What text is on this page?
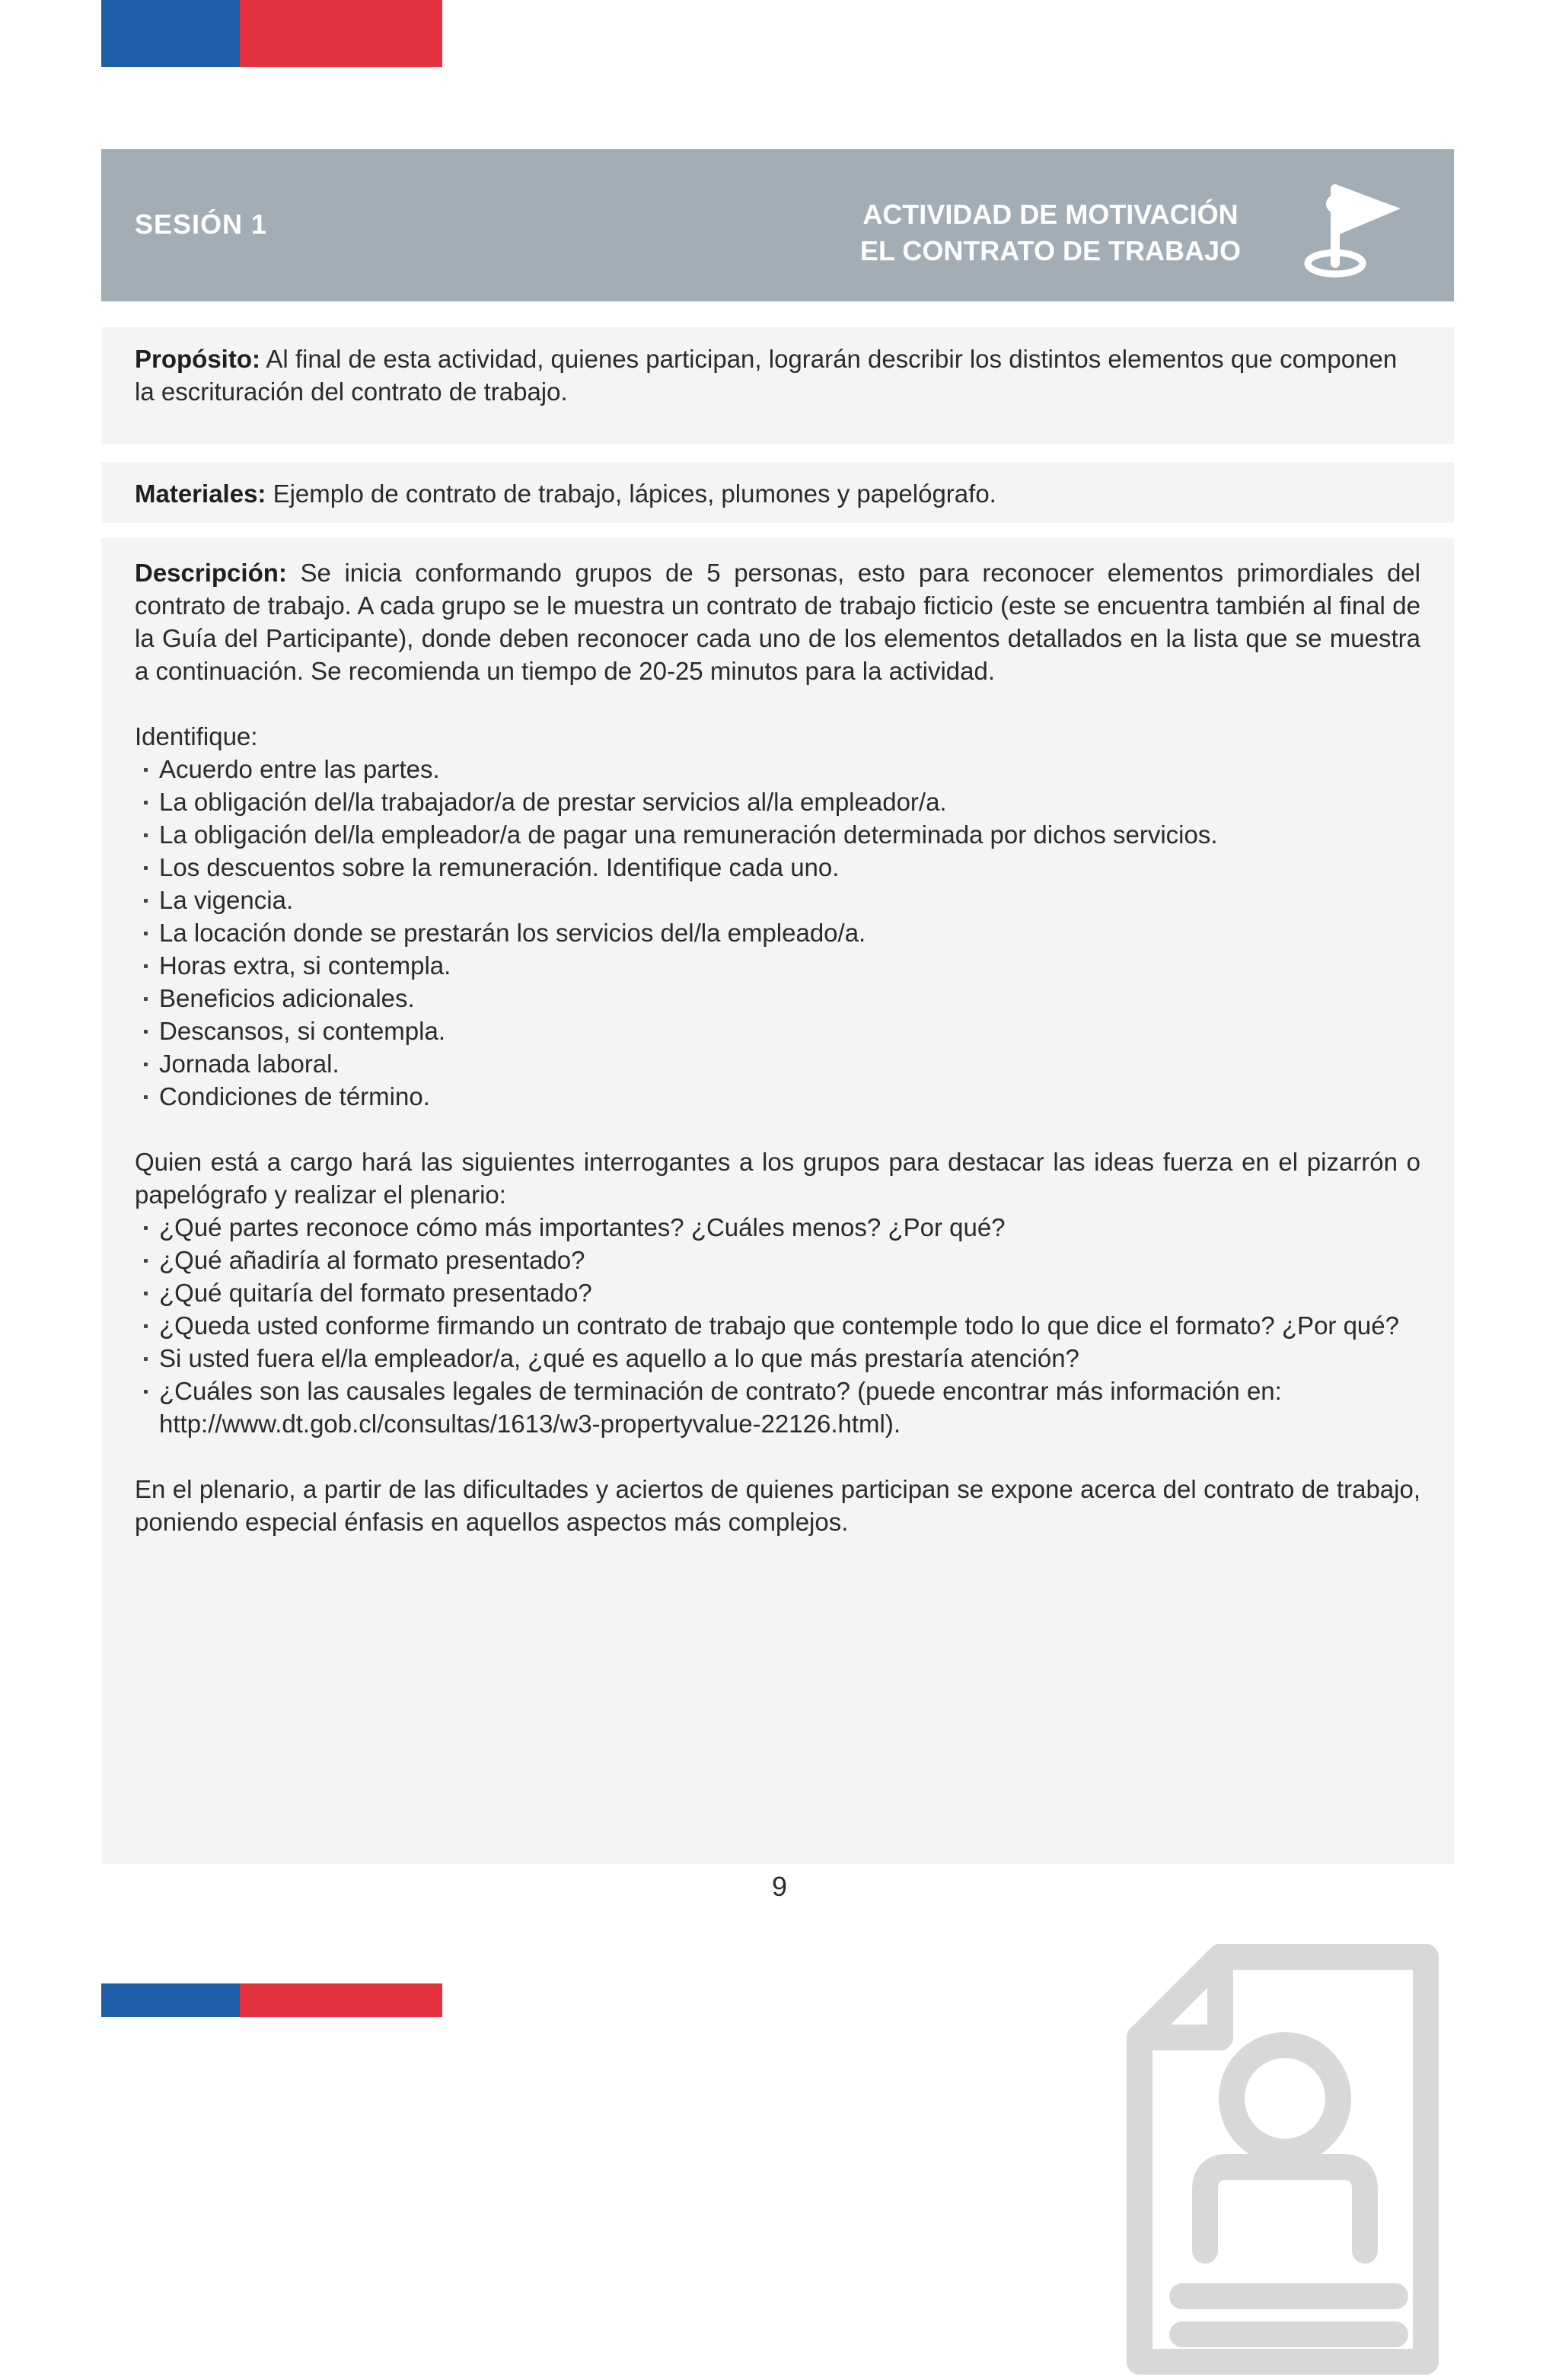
SESIÓN 1	ACTIVIDAD DE MOTIVACIÓN
EL CONTRATO DE TRABAJO

Propósito: Al final de esta actividad, quienes participan, lograrán describir los distintos elementos que componen la escrituración del contrato de trabajo.

Materiales: Ejemplo de contrato de trabajo, lápices, plumones y papelógrafo.

Descripción: Se inicia conformando grupos de 5 personas, esto para reconocer elementos primordiales del contrato de trabajo. A cada grupo se le muestra un contrato de trabajo ficticio (este se encuentra también al final de la Guía del Participante), donde deben reconocer cada uno de los elementos detallados en la lista que se muestra a continuación. Se recomienda un tiempo de 20-25 minutos para la actividad.

Identifique:

Acuerdo entre las partes.
La obligación del/la trabajador/a de prestar servicios al/la empleador/a.
La obligación del/la empleador/a de pagar una remuneración determinada por dichos servicios.
Los descuentos sobre la remuneración. Identifique cada uno.
La vigencia.
La locación donde se prestarán los servicios del/la empleado/a.
Horas extra, si contempla.
Beneficios adicionales.
Descansos, si contempla.
Jornada laboral.
Condiciones de término.

Quien está a cargo hará las siguientes interrogantes a los grupos para destacar las ideas fuerza en el pizarrón o papelógrafo y realizar el plenario:

¿Qué partes reconoce cómo más importantes? ¿Cuáles menos? ¿Por qué?
¿Qué añadiría al formato presentado?
¿Qué quitaría del formato presentado?
¿Queda usted conforme firmando un contrato de trabajo que contemple todo lo que dice el formato? ¿Por qué?
Si usted fuera el/la empleador/a, ¿qué es aquello a lo que más prestaría atención?
¿Cuáles son las causales legales de terminación de contrato? (puede encontrar más información en: http://www.dt.gob.cl/consultas/1613/w3-propertyvalue-22126.html).

En el plenario, a partir de las dificultades y aciertos de quienes participan se expone acerca del contrato de trabajo, poniendo especial énfasis en aquellos aspectos más complejos.

9
